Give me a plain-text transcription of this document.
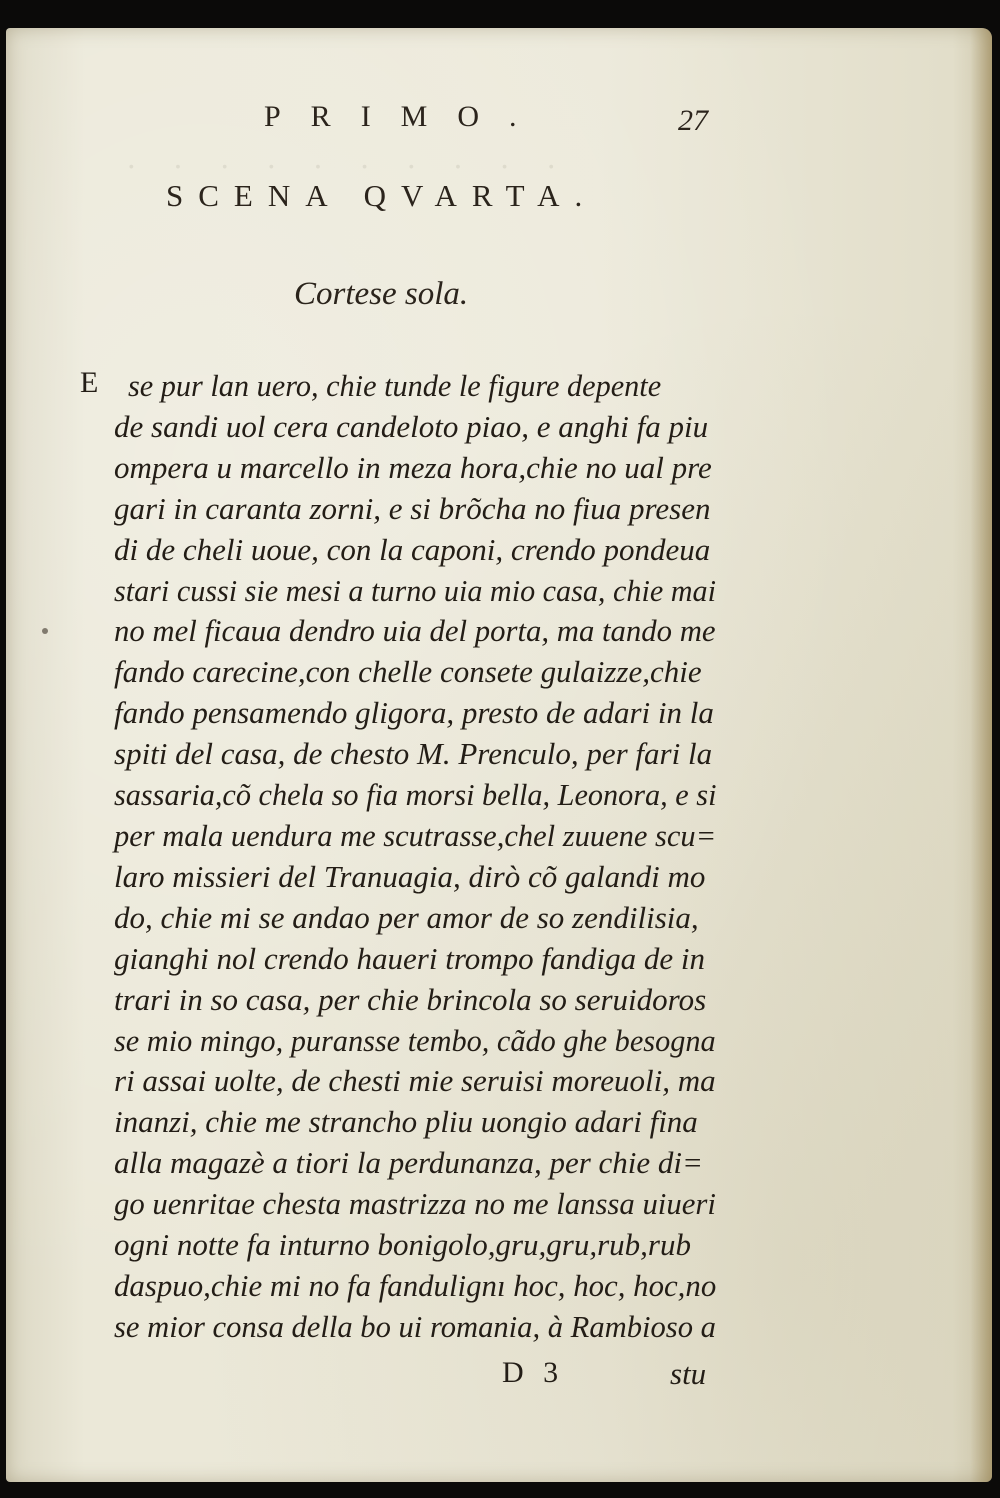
· · · · · · · · · ·
PRIMO.	27
SCENA QVARTA.
Cortese sola.
E se pur lan uero, chie tunde le figure depente
de sandi uol cera candeloto piao, e anghi fa piu
ompera u marcello in meza hora,chie no ual pre
gari in caranta zorni, e si brõcha no fiua presen
di de cheli uoue, con la caponi, crendo pondeua
stari cussi sie mesi a turno uia mio casa, chie mai
no mel ficaua dendro uia del porta, ma tando me
fando carecine,con chelle consete gulaizze,chie
fando pensamendo gligora, presto de adari in la
spiti del casa, de chesto M. Prenculo, per fari la
sassaria,cõ chela so fia morsi bella, Leonora, e si
per mala uendura me scutrasse,chel zuuene scu=
laro missieri del Tranuagia, dirò cõ galandi mo
do, chie mi se andao per amor de so zendilisia,
gianghi nol crendo haueri trompo fandiga de in
trari in so casa, per chie brincola so seruidoros
se mio mingo, puransse tembo, cãdo ghe besogna
ri assai uolte, de chesti mie seruisi moreuoli, ma
inanzi, chie me strancho pliu uongio adari fina
alla magazè a tiori la perdunanza, per chie di=
go uenritae chesta mastrizza no me lanssa uiueri
ogni notte fa inturno bonigolo,gru,gru,rub,rub
daspuo,chie mi no fa fandulignı hoc, hoc, hoc,no
se mior consa della bo ui romania, à Rambioso a
D 3	stu
